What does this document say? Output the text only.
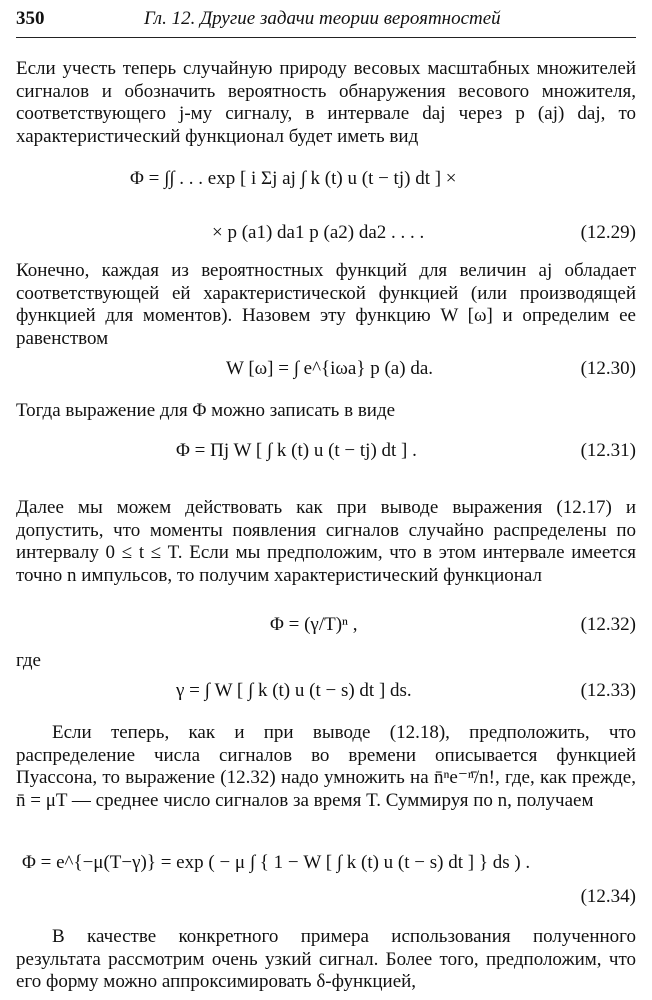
350	Гл. 12. Другие задачи теории вероятностей
Если учесть теперь случайную природу весовых масштабных множителей сигналов и обозначить вероятность обнаружения весового множителя, соответствующего j-му сигналу, в интервале daj через p (aj) daj, то характеристический функционал будет иметь вид
Φ = ∫∫ . . . exp [ i Σj aj ∫ k (t) u (t − tj) dt ] ×
× p (a1) da1 p (a2) da2 . . . .	(12.29)
Конечно, каждая из вероятностных функций для величин aj обладает соответствующей ей характеристической функцией (или производящей функцией для моментов). Назовем эту функцию W [ω] и определим ее равенством
W [ω] = ∫ e^{iωa} p (a) da.	(12.30)
Тогда выражение для Φ можно записать в виде
Φ = Πj W [ ∫ k (t) u (t − tj) dt ] .	(12.31)
Далее мы можем действовать как при выводе выражения (12.17) и допустить, что моменты появления сигналов случайно распределены по интервалу 0 ≤ t ≤ T. Если мы предположим, что в этом интервале имеется точно n импульсов, то получим характеристический функционал
Φ = (γ/T)ⁿ ,	(12.32)
где
γ = ∫ W [ ∫ k (t) u (t − s) dt ] ds.	(12.33)
Если теперь, как и при выводе (12.18), предположить, что распределение числа сигналов во времени описывается функцией Пуассона, то выражение (12.32) надо умножить на n̄ⁿe⁻ⁿ̄/n!, где, как прежде, n̄ = μT — среднее число сигналов за время T. Суммируя по n, получаем
Φ = e^{−μ(T−γ)} = exp ( − μ ∫ { 1 − W [ ∫ k (t) u (t − s) dt ] } ds ) .
(12.34)
В качестве конкретного примера использования полученного результата рассмотрим очень узкий сигнал. Более того, предположим, что его форму можно аппроксимировать δ-функцией,
